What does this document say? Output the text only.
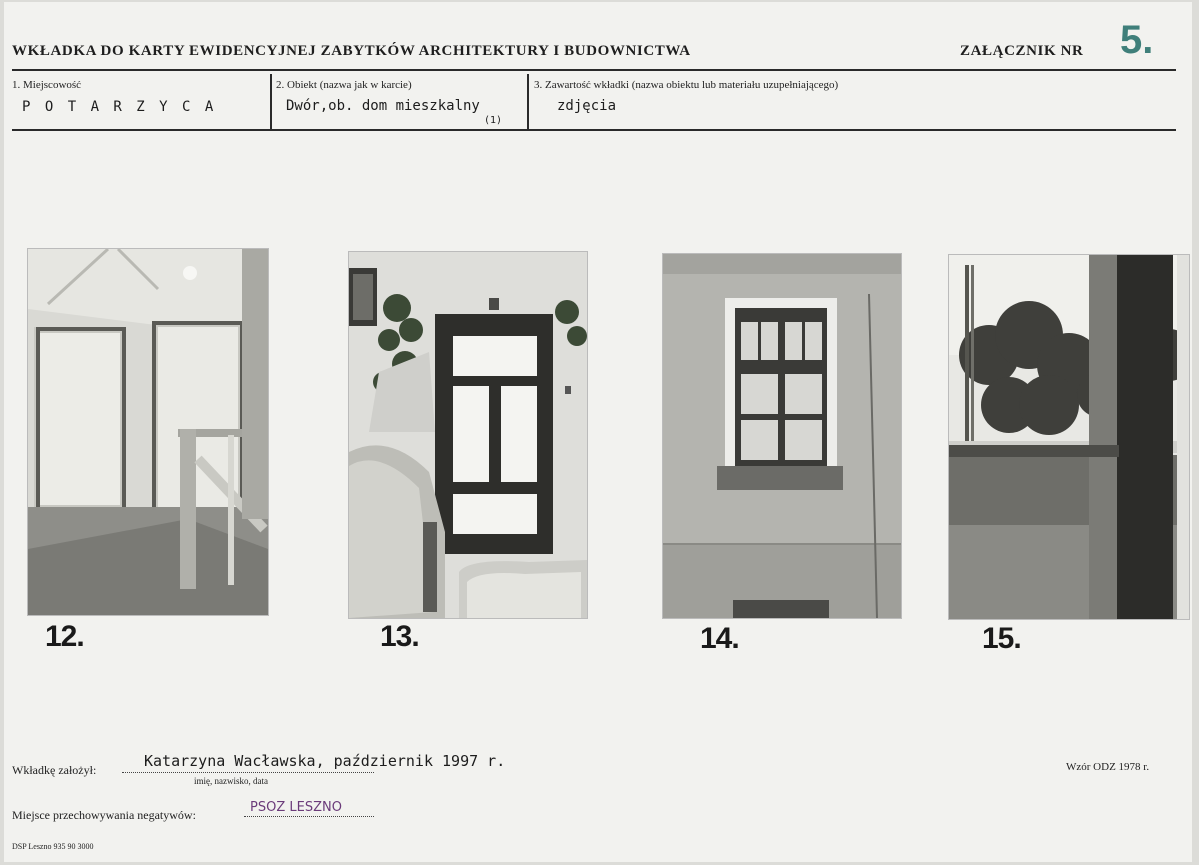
WKŁADKA DO KARTY EWIDENCYJNEJ ZABYTKÓW ARCHITEKTURY I BUDOWNICTWA	ZAŁĄCZNIK NR 5.
1. Miejscowość
P O T A R Z Y C A
2. Obiekt (nazwa jak w karcie)
Dwór,ob. dom mieszkalny
(1)
3. Zawartość wkładki (nazwa obiektu lub materiału uzupełniającego)
zdjęcia
12.	13.	14.	15.
Wkładkę założył:	Katarzyna Wacławska, październik 1997 r.
imię, nazwisko, data
Wzór ODZ 1978 r.
Miejsce przechowywania negatywów:	PSOZ LESZNO
DSP Leszno 935 90 3000
